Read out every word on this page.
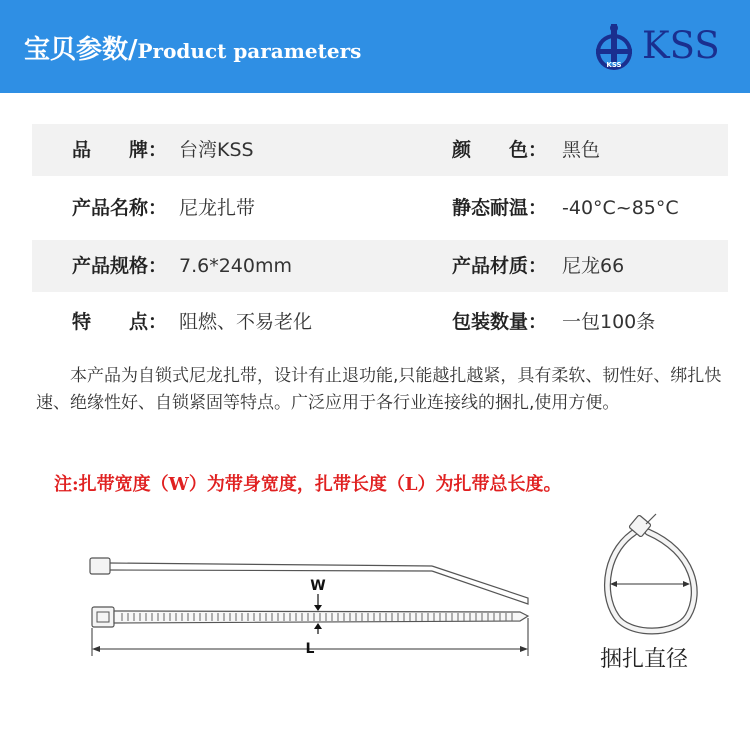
宝贝参数/Product parameters
KSS KSS
品　　牌： 台湾KSS	颜　　色： 黑色
产品名称： 尼龙扎带	静态耐温： -40°C~85°C
产品规格： 7.6*240mm	产品材质： 尼龙66
特　　点： 阻燃、不易老化	包装数量： 一包100条
本产品为自锁式尼龙扎带，设计有止退功能,只能越扎越紧，具有柔软、韧性好、绑扎快速、绝缘性好、自锁紧固等特点。广泛应用于各行业连接线的捆扎,使用方便。
注:扎带宽度（W）为带身宽度，扎带长度（L）为扎带总长度。
W
L	捆扎直径
